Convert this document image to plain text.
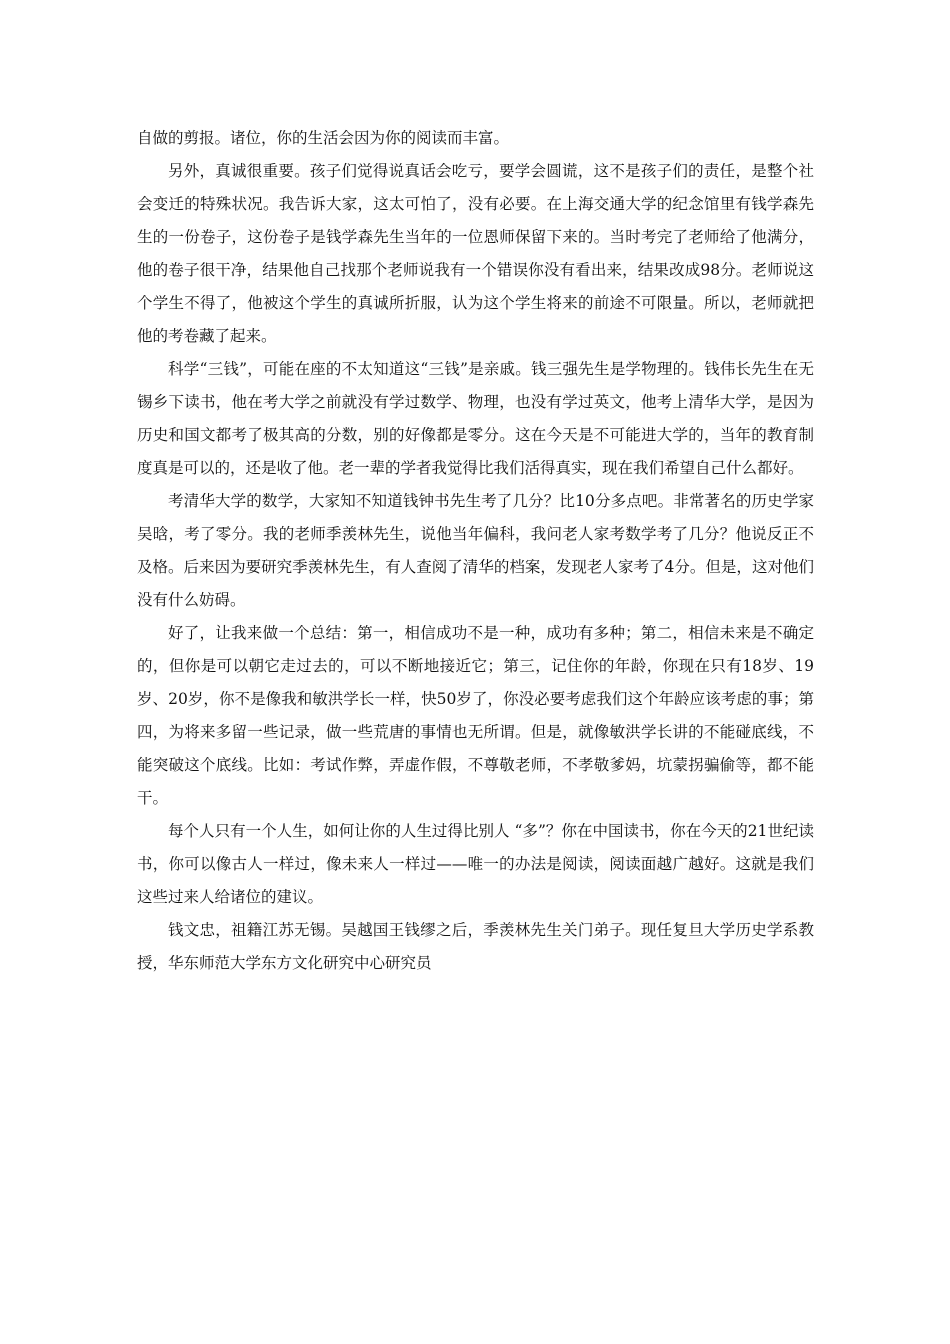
自做的剪报。诸位，你的生活会因为你的阅读而丰富。

另外，真诚很重要。孩子们觉得说真话会吃亏，要学会圆谎，这不是孩子们的责任，是整个社会变迁的特殊状况。我告诉大家，这太可怕了，没有必要。在上海交通大学的纪念馆里有钱学森先生的一份卷子，这份卷子是钱学森先生当年的一位恩师保留下来的。当时考完了老师给了他满分，他的卷子很干净，结果他自己找那个老师说我有一个错误你没有看出来，结果改成98分。老师说这个学生不得了，他被这个学生的真诚所折服，认为这个学生将来的前途不可限量。所以，老师就把他的考卷藏了起来。

科学“三钱”，可能在座的不太知道这“三钱”是亲戚。钱三强先生是学物理的。钱伟长先生在无锡乡下读书，他在考大学之前就没有学过数学、物理，也没有学过英文，他考上清华大学，是因为历史和国文都考了极其高的分数，别的好像都是零分。这在今天是不可能进大学的，当年的教育制度真是可以的，还是收了他。老一辈的学者我觉得比我们活得真实，现在我们希望自己什么都好。

考清华大学的数学，大家知不知道钱钟书先生考了几分？比10分多点吧。非常著名的历史学家吴晗，考了零分。我的老师季羡林先生，说他当年偏科，我问老人家考数学考了几分？他说反正不及格。后来因为要研究季羡林先生，有人查阅了清华的档案，发现老人家考了4分。但是，这对他们没有什么妨碍。

好了，让我来做一个总结：第一，相信成功不是一种，成功有多种；第二，相信未来是不确定的，但你是可以朝它走过去的，可以不断地接近它；第三，记住你的年龄，你现在只有18岁、19岁、20岁，你不是像我和敏洪学长一样，快50岁了，你没必要考虑我们这个年龄应该考虑的事；第四，为将来多留一些记录，做一些荒唐的事情也无所谓。但是，就像敏洪学长讲的不能碰底线，不能突破这个底线。比如：考试作弊，弄虚作假，不尊敬老师，不孝敬爹妈，坑蒙拐骗偷等，都不能干。

每个人只有一个人生，如何让你的人生过得比别人 “多”？你在中国读书，你在今天的21世纪读书，你可以像古人一样过，像未来人一样过——唯一的办法是阅读，阅读面越广越好。这就是我们这些过来人给诸位的建议。

钱文忠，祖籍江苏无锡。吴越国王钱缪之后，季羡林先生关门弟子。现任复旦大学历史学系教授，华东师范大学东方文化研究中心研究员
